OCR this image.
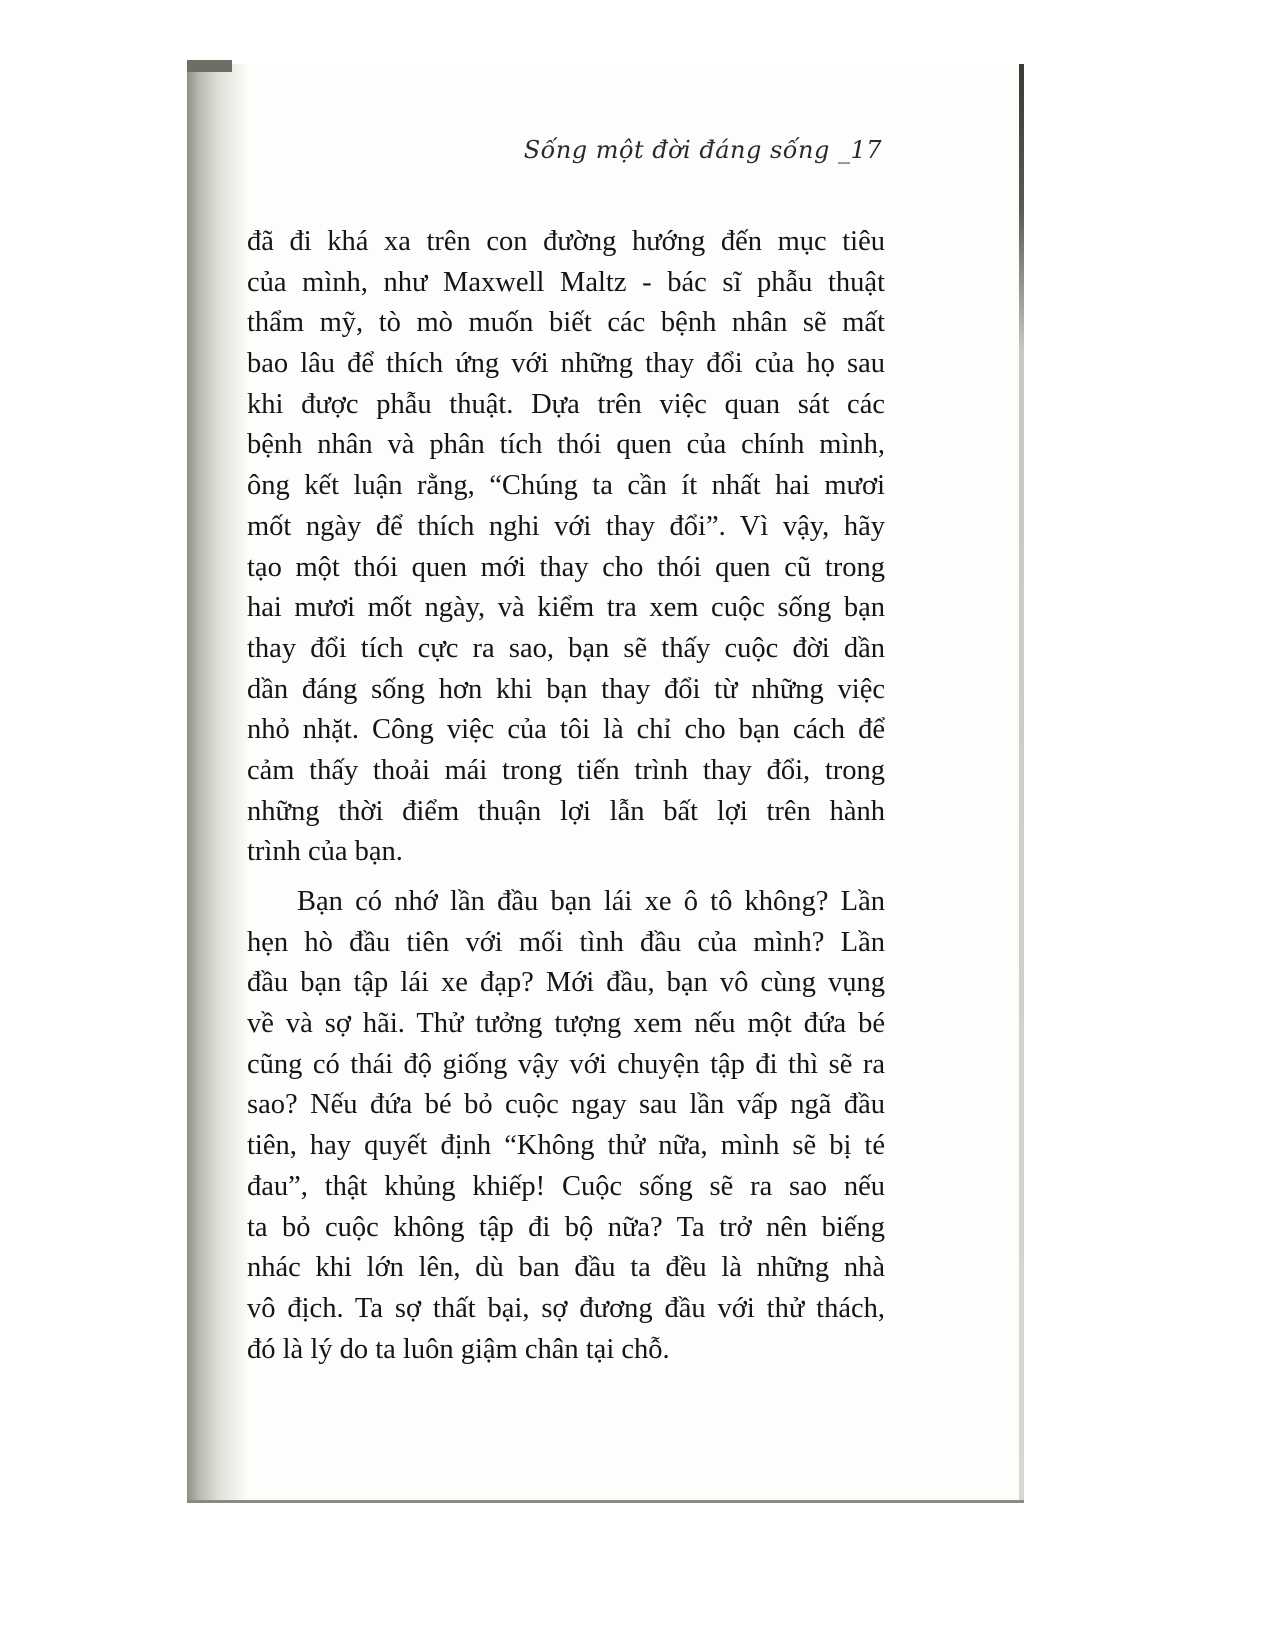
Sống một đời đáng sống _17
đã đi khá xa trên con đường hướng đến mục tiêu
của mình, như Maxwell Maltz - bác sĩ phẫu thuật
thẩm mỹ, tò mò muốn biết các bệnh nhân sẽ mất
bao lâu để thích ứng với những thay đổi của họ sau
khi được phẫu thuật. Dựa trên việc quan sát các
bệnh nhân và phân tích thói quen của chính mình,
ông kết luận rằng, “Chúng ta cần ít nhất hai mươi
mốt ngày để thích nghi với thay đổi”. Vì vậy, hãy
tạo một thói quen mới thay cho thói quen cũ trong
hai mươi mốt ngày, và kiểm tra xem cuộc sống bạn
thay đổi tích cực ra sao, bạn sẽ thấy cuộc đời dần
dần đáng sống hơn khi bạn thay đổi từ những việc
nhỏ nhặt. Công việc của tôi là chỉ cho bạn cách để
cảm thấy thoải mái trong tiến trình thay đổi, trong
những thời điểm thuận lợi lẫn bất lợi trên hành
trình của bạn.
Bạn có nhớ lần đầu bạn lái xe ô tô không? Lần
hẹn hò đầu tiên với mối tình đầu của mình? Lần
đầu bạn tập lái xe đạp? Mới đầu, bạn vô cùng vụng
về và sợ hãi. Thử tưởng tượng xem nếu một đứa bé
cũng có thái độ giống vậy với chuyện tập đi thì sẽ ra
sao? Nếu đứa bé bỏ cuộc ngay sau lần vấp ngã đầu
tiên, hay quyết định “Không thử nữa, mình sẽ bị té
đau”, thật khủng khiếp! Cuộc sống sẽ ra sao nếu
ta bỏ cuộc không tập đi bộ nữa? Ta trở nên biếng
nhác khi lớn lên, dù ban đầu ta đều là những nhà
vô địch. Ta sợ thất bại, sợ đương đầu với thử thách,
đó là lý do ta luôn giậm chân tại chỗ.
